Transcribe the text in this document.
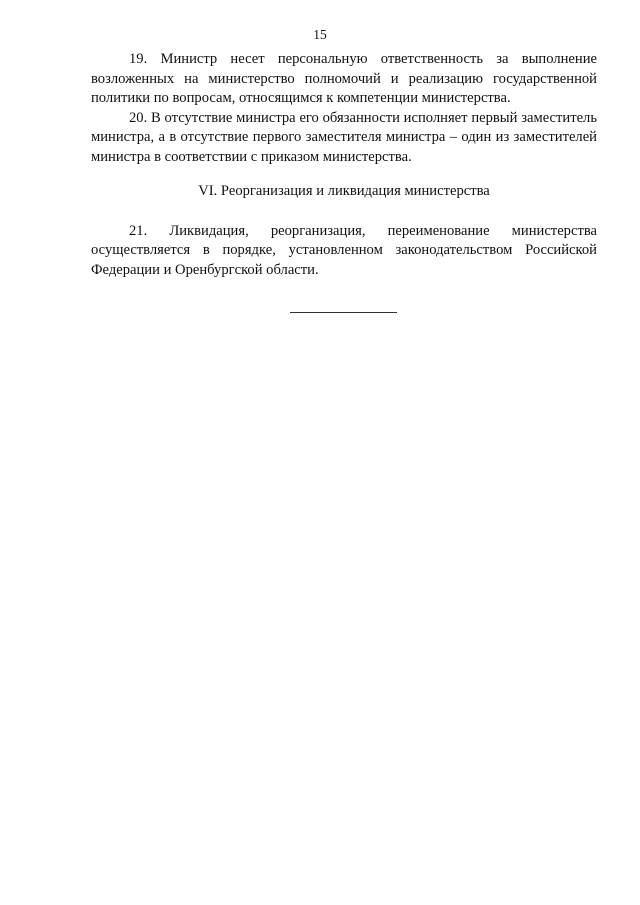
15

19. Министр несет персональную ответственность за выполнение возложенных на министерство полномочий и реализацию государственной политики по вопросам, относящимся к компетенции министерства.

20. В отсутствие министра его обязанности исполняет первый заместитель министра, а в отсутствие первого заместителя министра – один из заместителей министра в соответствии с приказом министерства.

VI. Реорганизация и ликвидация министерства

21. Ликвидация, реорганизация, переименование министерства осуществляется в порядке, установленном законодательством Российской Федерации и Оренбургской области.
